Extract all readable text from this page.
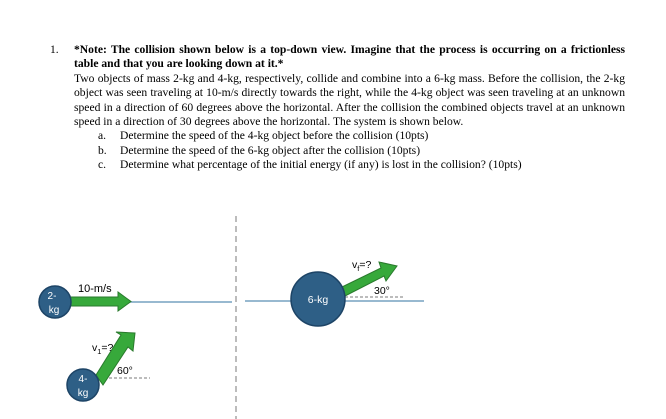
1. *Note: The collision shown below is a top-down view. Imagine that the process is occurring on a frictionless table and that you are looking down at it.*

Two objects of mass 2-kg and 4-kg, respectively, collide and combine into a 6-kg mass. Before the collision, the 2-kg object was seen traveling at 10-m/s directly towards the right, while the 4-kg object was seen traveling at an unknown speed in a direction of 60 degrees above the horizontal. After the collision the combined objects travel at an unknown speed in a direction of 30 degrees above the horizontal. The system is shown below.

a. Determine the speed of the 4-kg object before the collision (10pts)
b. Determine the speed of the 6-kg object after the collision (10pts)
c. Determine what percentage of the initial energy (if any) is lost in the collision? (10pts)
2-
kg
4-
kg
6-kg
10-m/s
$v_1=$?
$v_f=$?
60°
30°
